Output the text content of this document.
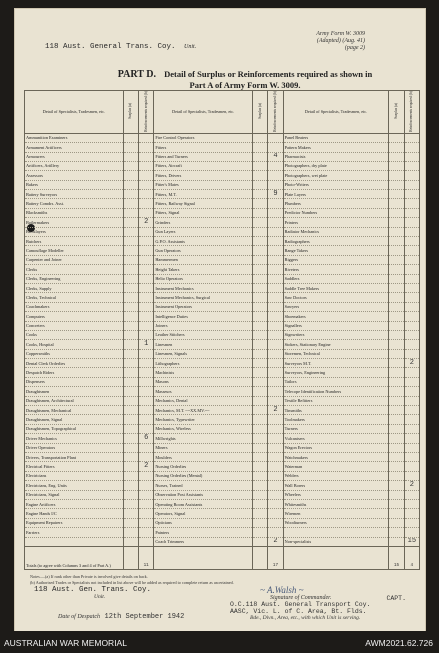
118 Aust. General Trans. Coy. Unit.
Army Form W. 3009
(Adapted) (Aug. 41)
(page 2)
PART D. Detail of Surplus or Reinforcements required as shown in
Part A of Army Form W. 3009.
Detail of Specialists, Tradesmen, etc.	Surplus (a)	Reinforcements required (b)	Detail of Specialists, Tradesmen, etc.	Surplus (a)	Reinforcements required (b)	Detail of Specialists, Tradesmen, etc.	Surplus (a)	Reinforcements required (b)
Ammunition Examiners			Fire Control Operators			Panel Beaters		
Armament Artificers			Fitters			Pattern Makers		
Armourers			Fitters and Turners		4	Pharmacists		
Artificers, Artillery			Fitters, Aircraft			Photographers, dry plate		
Assessors			Fitters, Drivers			Photographers, wet plate		
Bakers			Fitter's Mates			Photo-Writers		
Battery Surveyors			Fitters, M.T.		9	Plate Layers		
Battery Comdrs. Asst.			Fitters, Railway Signal			Plumbers		
Blacksmiths			Fitters, Signal			Predictor Numbers		
Boilermakers		2	Grinders			Printers		
Bricklayers			Gun Layers			Radiator Mechanics		
Butchers			G.P.O. Assistants			Radiographers		
Camouflage Modeller			Gun Operators			Range Takers		
Carpenter and Joiner			Hammermen			Riggers		
Clerks			Height Takers			Riveters		
Clerks, Engineering			Helio Operators			Saddlers		
Clerks, Supply			Instrument Mechanics			Saddle Tree Makers		
Clerks, Technical			Instrument Mechanics, Surgical			Saw Doctors		
Coachmakers			Instrument Operators			Sawyers		
Computers			Intelligence Duties			Shoemakers		
Concreters			Joiners			Signallers		
Cooks			Leather Stitchers			Signwriters		
Cooks, Hospital		1	Linesmen			Stokers, Stationary Engine		
Coppersmiths			Linesmen, Signals			Storemen, Technical		
Dental Clerk Orderlies			Lithographers			Surveyors M.T.		2
Despatch Riders			Machinists			Surveyors, Engineering		
Dispensers			Masons			Tailors		
Draughtsmen			Masseurs			Telecope Identification Numbers		
Draughtsmen, Architectural			Mechanics, Dental			Textile Refitters		
Draughtsmen, Mechanical			Mechanics, M.T. ~~XX.MV.~~		2	Tinsmiths		
Draughtsmen, Signal			Mechanics, Typewriter			Toolmakers		
Draughtsmen, Topographical			Mechanics, Wireless			Turners		
Driver Mechanics		6	Millwrights			Vulcanisers		
Driver Operators			Miners			Wagon Erectors		
Drivers, Transportation Plant			Moulders			Watchmakers		
Electrical Fitters		2	Nursing Orderlies			Waterman		
Electricians			Nursing Orderlies (Mental)			Welders		
Electricians, Eng. Units			Nurses, Trained			Wall Borers		2
Electricians, Signal			Observation Post Assistants			Wheelers		
Engine Artificers			Operating Room Assistants			Whitesmiths		
Engine Hands I/C			Operators, Signal			Wiremen		
Equipment Repairers			Opticians			Woodturners		
Farriers			Painters					
			Coach Trimmers		2	Non-specialists		15
Totals (to agree with Columns 3 and 4 of Part A.)		11			17		15	4
Notes.—(a) If rank other than Private is involved give details on back.
(b) Authorised Trades or Specialists not included in list above will be added as required to complete return as ascertained.
118 Aust. Gen. Trans. Coy.
Unit.
Date of Despatch 12th September 1942
~ A.Walsh ~
Signature of Commander.	CAPT.
O.C.118 Aust. General Transport Coy.
AASC, Vic. L. of C. Area, Bt. Flds.
Bde., Divn., Area, etc., with which Unit is serving.
AUSTRALIAN WAR MEMORIAL	AWM2021.62.726
